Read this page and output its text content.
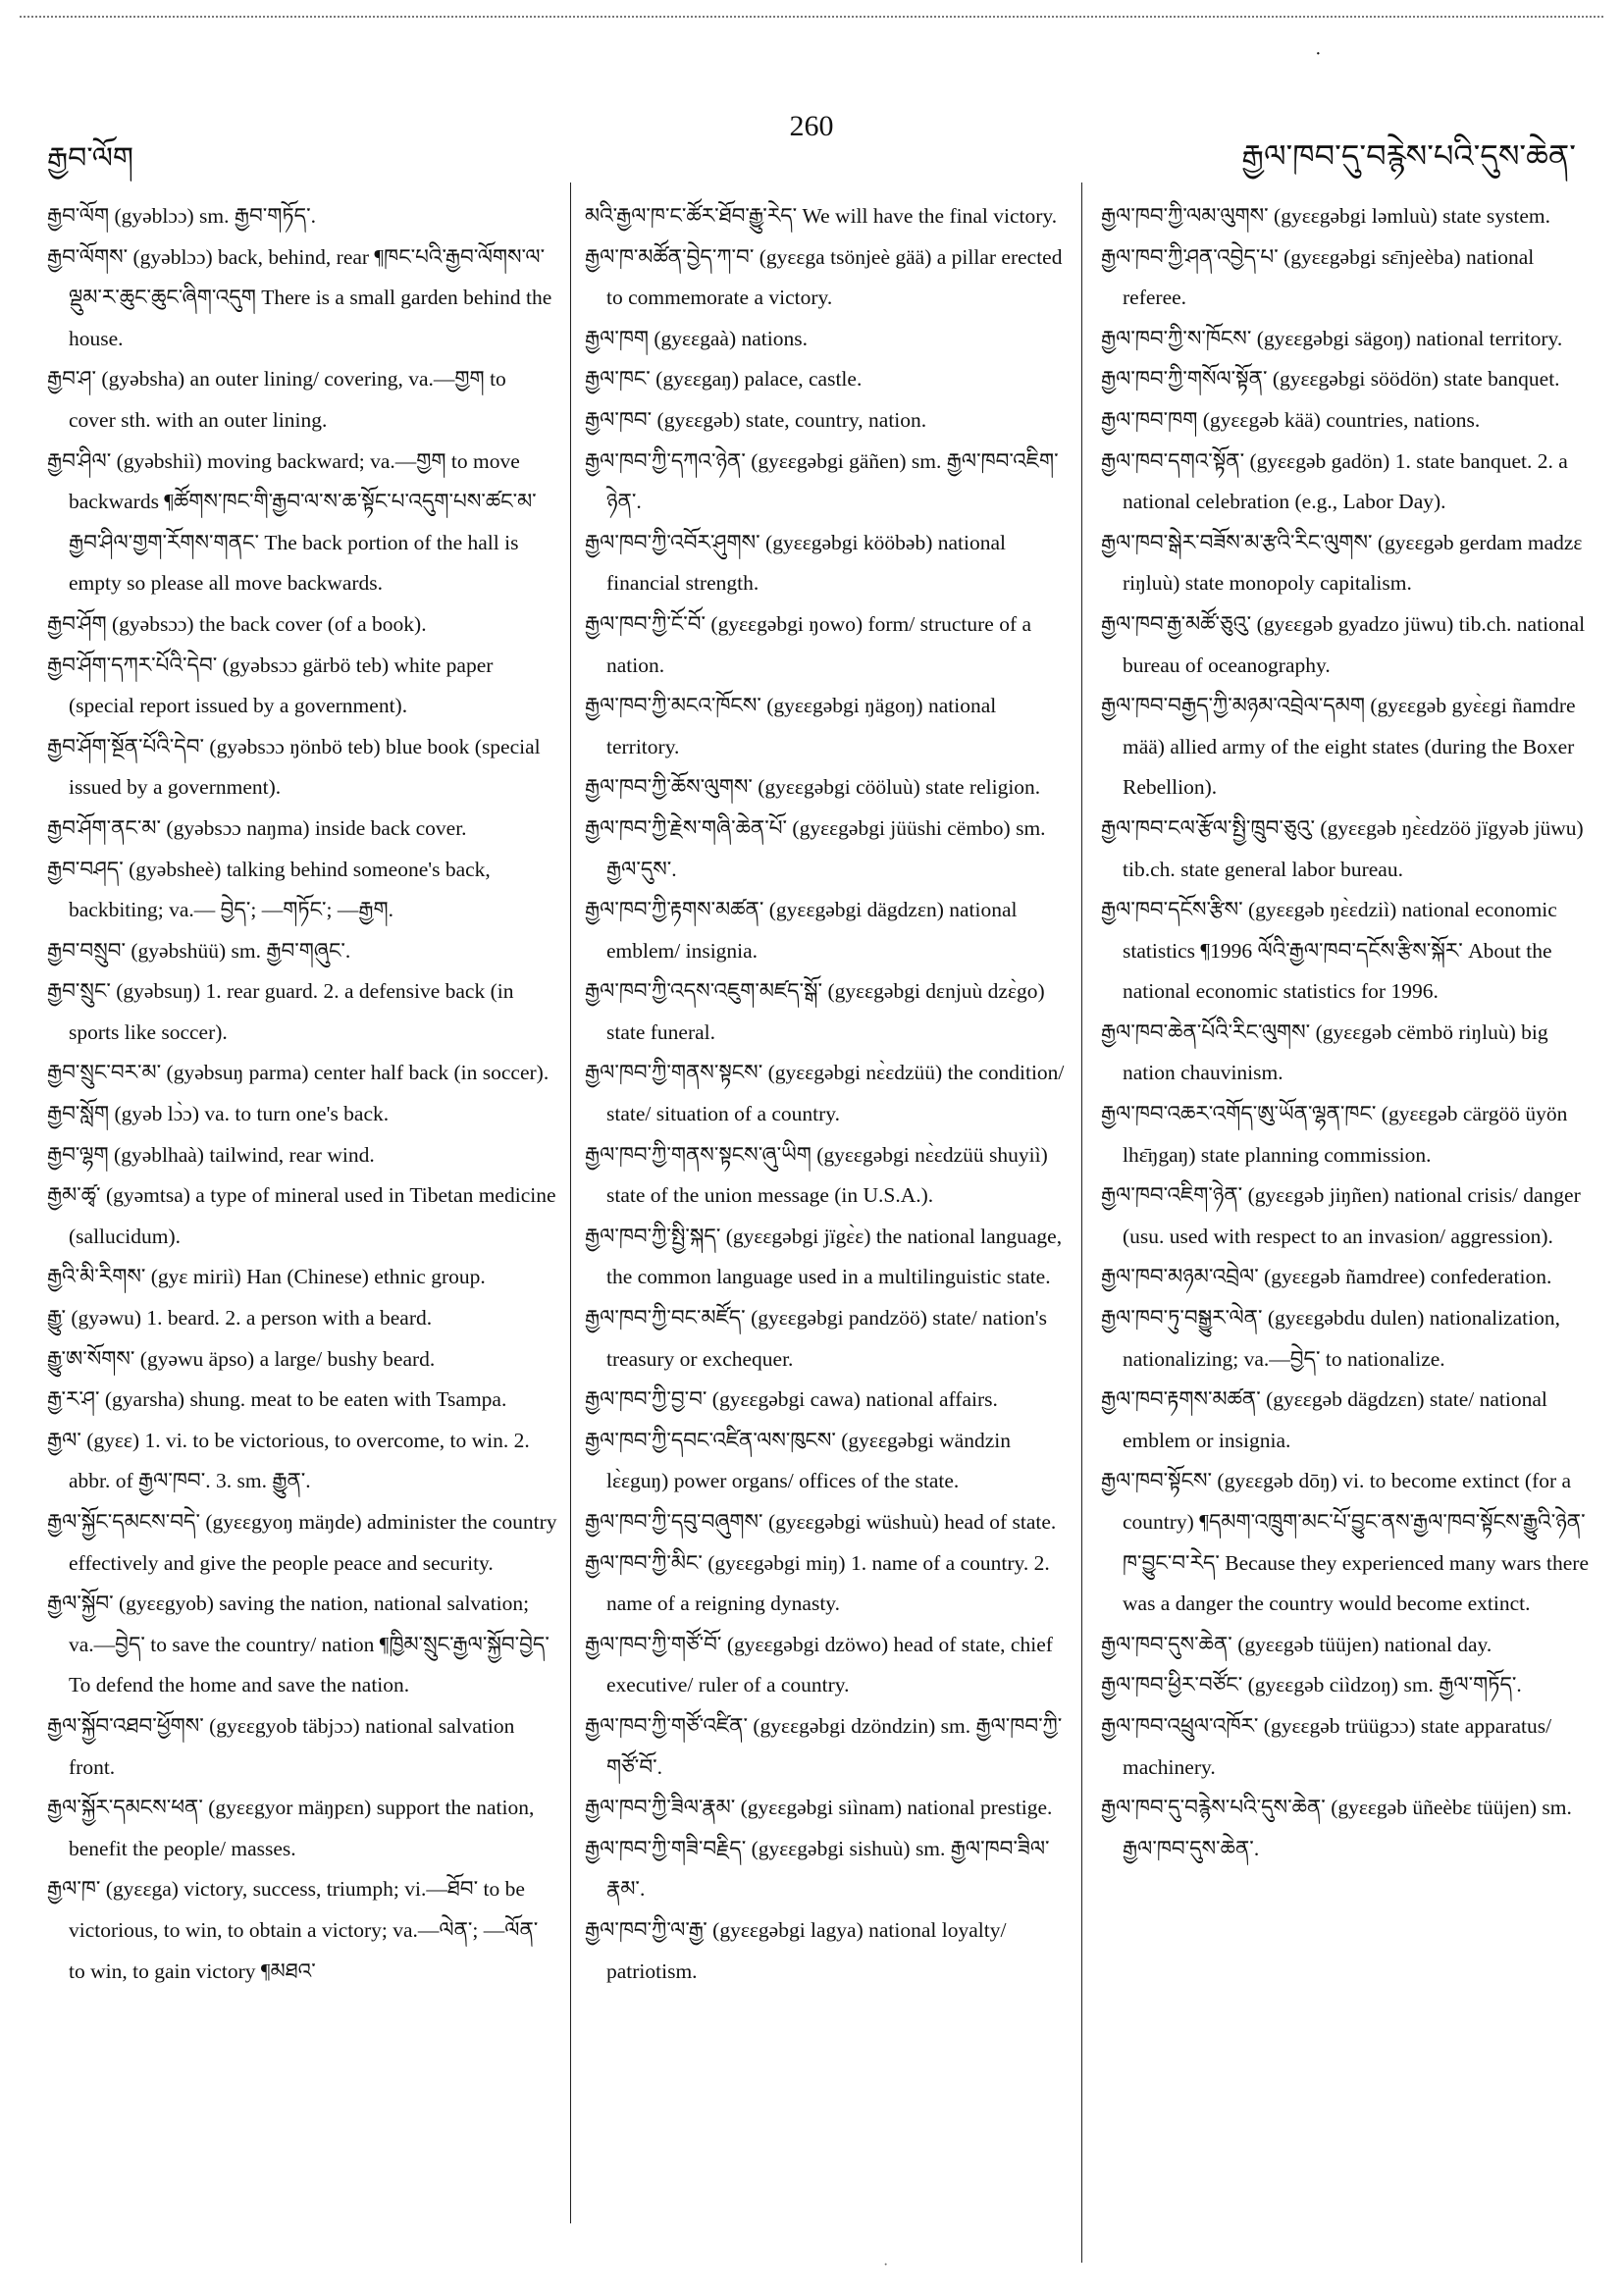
·
རྒྱབ་ལོག
260
རྒྱལ་ཁབ་དུ་བརྙེས་པའི་དུས་ཆེན་
རྒྱབ་ལོག (gyəblɔɔ) sm. རྒྱབ་གཏོད་.
རྒྱབ་ལོགས་ (gyəblɔɔ) back, behind, rear ¶ཁང་པའི་རྒྱབ་ལོགས་ལ་ལྡུམ་ར་ཆུང་ཆུང་ཞིག་འདུག There is a small garden behind the house.
རྒྱབ་ཤ་ (gyəbsha) an outer lining/ covering, va.—གྱག to cover sth. with an outer lining.
རྒྱབ་ཤིལ་ (gyəbshiì) moving backward; va.—གྱག to move backwards ¶ཚོགས་ཁང་གི་རྒྱབ་ལ་ས་ཆ་སྟོང་པ་འདུག་པས་ཚང་མ་རྒྱབ་ཤིལ་གྱག་རོགས་གནང་ The back portion of the hall is empty so please all move backwards.
རྒྱབ་ཤོག (gyəbsɔɔ) the back cover (of a book).
རྒྱབ་ཤོག་དཀར་པོའི་དེབ་ (gyəbsɔɔ gärbö teb) white paper (special report issued by a government).
རྒྱབ་ཤོག་སྔོན་པོའི་དེབ་ (gyəbsɔɔ ŋönbö teb) blue book (special issued by a government).
རྒྱབ་ཤོག་ནང་མ་ (gyəbsɔɔ naŋma) inside back cover.
རྒྱབ་བཤད་ (gyəbsheè) talking behind someone's back, backbiting; va.— བྱེད་; —གཏོང་; —རྒྱག.
རྒྱབ་བསྲུབ་ (gyəbshüü) sm. རྒྱབ་གཞུང་.
རྒྱབ་སྲུང་ (gyəbsuŋ) 1. rear guard. 2. a defensive back (in sports like soccer).
རྒྱབ་སྲུང་བར་མ་ (gyəbsuŋ parma) center half back (in soccer).
རྒྱབ་སློག (gyəb lɔ̀ɔ) va. to turn one's back.
རྒྱབ་ལྷག (gyəblhaà) tailwind, rear wind.
རྒྱམ་ཚྭ་ (gyəmtsa) a type of mineral used in Tibetan medicine (sallucidum).
རྒྱའི་མི་རིགས་ (gyɛ miriì) Han (Chinese) ethnic group.
རྒྱུ་ (gyəwu) 1. beard. 2. a person with a beard.
རྒྱུ་ཨ་སོགས་ (gyəwu äpso) a large/ bushy beard.
རྒྱ་ར་ཤ་ (gyarsha) shung. meat to be eaten with Tsampa.
རྒྱལ་ (gyɛɛ) 1. vi. to be victorious, to overcome, to win. 2. abbr. of རྒྱལ་ཁབ་. 3. sm. རྒྱུན་.
རྒྱལ་སྐྱོང་དམངས་བདེ་ (gyɛɛgyoŋ mäŋde) administer the country effectively and give the people peace and security.
རྒྱལ་སྐྱོབ་ (gyɛɛgyob) saving the nation, national salvation; va.—བྱེད་ to save the country/ nation ¶ཁྱིམ་སྲུང་རྒྱལ་སྐྱོབ་བྱེད་ To defend the home and save the nation.
རྒྱལ་སྐྱོབ་འཐབ་ཕྱོགས་ (gyɛɛgyob täbjɔɔ) national salvation front.
རྒྱལ་སྐྱོར་དམངས་ཕན་ (gyɛɛgyor mäŋpɛn) support the nation, benefit the people/ masses.
རྒྱལ་ཁ་ (gyɛɛga) victory, success, triumph; vi.—ཐོབ་ to be victorious, to win, to obtain a victory; va.—ལེན་; —ལོན་ to win, to gain victory ¶མཐའ་
མའི་རྒྱལ་ཁ་ང་ཚོར་ཐོབ་རྒྱུ་རེད་ We will have the final victory.
རྒྱལ་ཁ་མཚོན་བྱེད་ཀ་བ་ (gyɛɛga tsönjeè gää) a pillar erected to commemorate a victory.
རྒྱལ་ཁག (gyɛɛgaà) nations.
རྒྱལ་ཁང་ (gyɛɛgaŋ) palace, castle.
རྒྱལ་ཁབ་ (gyɛɛgəb) state, country, nation.
རྒྱལ་ཁབ་ཀྱི་དཀའ་ཉེན་ (gyɛɛgəbgi gäñen) sm. རྒྱལ་ཁབ་འཇིག་ཉེན་.
རྒྱལ་ཁབ་ཀྱི་འབོར་ཤུགས་ (gyɛɛgəbgi kööbəb) national financial strength.
རྒྱལ་ཁབ་ཀྱི་ངོ་བོ་ (gyɛɛgəbgi ŋowo) form/ structure of a nation.
རྒྱལ་ཁབ་ཀྱི་མངའ་ཁོངས་ (gyɛɛgəbgi ŋägoŋ) national territory.
རྒྱལ་ཁབ་ཀྱི་ཆོས་ལུགས་ (gyɛɛgəbgi cööluù) state religion.
རྒྱལ་ཁབ་ཀྱི་རྗེས་གཞི་ཆེན་པོ་ (gyɛɛgəbgi jüüshi cëmbo) sm. རྒྱལ་དུས་.
རྒྱལ་ཁབ་ཀྱི་རྟགས་མཚན་ (gyɛɛgəbgi dägdzɛn) national emblem/ insignia.
རྒྱལ་ཁབ་ཀྱི་འདས་འཇུག་མཛད་སྒོ་ (gyɛɛgəbgi dɛnjuù dzɛ̀go) state funeral.
རྒྱལ་ཁབ་ཀྱི་གནས་སྟངས་ (gyɛɛgəbgi nɛ̀ɛdzüü) the condition/ state/ situation of a country.
རྒྱལ་ཁབ་ཀྱི་གནས་སྟངས་ཞུ་ཡིག (gyɛɛgəbgi nɛ̀ɛdzüü shuyiì) state of the union message (in U.S.A.).
རྒྱལ་ཁབ་ཀྱི་སྤྱི་སྐད་ (gyɛɛgəbgi jïgɛ̀ɛ) the national language, the common language used in a multilinguistic state.
རྒྱལ་ཁབ་ཀྱི་བང་མཛོད་ (gyɛɛgəbgi pandzöö) state/ nation's treasury or exchequer.
རྒྱལ་ཁབ་ཀྱི་བྱ་བ་ (gyɛɛgəbgi cawa) national affairs.
རྒྱལ་ཁབ་ཀྱི་དབང་འཛིན་ལས་ཁུངས་ (gyɛɛgəbgi wändzin lɛ̀ɛguŋ) power organs/ offices of the state.
རྒྱལ་ཁབ་ཀྱི་དབུ་བཞུགས་ (gyɛɛgəbgi wüshuù) head of state.
རྒྱལ་ཁབ་ཀྱི་མིང་ (gyɛɛgəbgi miŋ) 1. name of a country. 2. name of a reigning dynasty.
རྒྱལ་ཁབ་ཀྱི་གཙོ་བོ་ (gyɛɛgəbgi dzöwo) head of state, chief executive/ ruler of a country.
རྒྱལ་ཁབ་ཀྱི་གཙོ་འཛིན་ (gyɛɛgəbgi dzöndzin) sm. རྒྱལ་ཁབ་ཀྱི་གཙོ་བོ་.
རྒྱལ་ཁབ་ཀྱི་ཟིལ་རྣམ་ (gyɛɛgəbgi siìnam) national prestige.
རྒྱལ་ཁབ་ཀྱི་གཟི་བརྗིད་ (gyɛɛgəbgi sishuù) sm. རྒྱལ་ཁབ་ཟིལ་རྣམ་.
རྒྱལ་ཁབ་ཀྱི་ལ་རྒྱ་ (gyɛɛgəbgi lagya) national loyalty/ patriotism.
རྒྱལ་ཁབ་ཀྱི་ལམ་ལུགས་ (gyɛɛgəbgi ləmluù) state system.
རྒྱལ་ཁབ་ཀྱི་ཤན་འབྱེད་པ་ (gyɛɛgəbgi sɛ̄njeèba) national referee.
རྒྱལ་ཁབ་ཀྱི་ས་ཁོངས་ (gyɛɛgəbgi sägoŋ) national territory.
རྒྱལ་ཁབ་ཀྱི་གསོལ་སྟོན་ (gyɛɛgəbgi söödön) state banquet.
རྒྱལ་ཁབ་ཁག (gyɛɛgəb kää) countries, nations.
རྒྱལ་ཁབ་དགའ་སྟོན་ (gyɛɛgəb gadön) 1. state banquet. 2. a national celebration (e.g., Labor Day).
རྒྱལ་ཁབ་སྒེར་བཟོས་མ་རྩའི་རིང་ལུགས་ (gyɛɛgəb gerdam madzɛ riŋluù) state monopoly capitalism.
རྒྱལ་ཁབ་རྒྱ་མཚོ་ཅུའུ་ (gyɛɛgəb gyadzo jüwu) tib.ch. national bureau of oceanography.
རྒྱལ་ཁབ་བརྒྱད་ཀྱི་མཉམ་འབྲེལ་དམག (gyɛɛgəb gyɛ̀ɛgi ñamdre mää) allied army of the eight states (during the Boxer Rebellion).
རྒྱལ་ཁབ་ངལ་རྩོལ་སྤྱི་ཁྲུབ་ཅུའུ་ (gyɛɛgəb ŋɛ̀ɛdzöö jïgyəb jüwu) tib.ch. state general labor bureau.
རྒྱལ་ཁབ་དངོས་རྩིས་ (gyɛɛgəb ŋɛ̀ɛdziì) national economic statistics ¶1996 ལོའི་རྒྱལ་ཁབ་དངོས་རྩིས་སྐོར་ About the national economic statistics for 1996.
རྒྱལ་ཁབ་ཆེན་པོའི་རིང་ལུགས་ (gyɛɛgəb cëmbö riŋluù) big nation chauvinism.
རྒྱལ་ཁབ་འཆར་འགོད་ཨུ་ཡོན་ལྷན་ཁང་ (gyɛɛgəb cärgöö üyön lhɛ̄ŋgaŋ) state planning commission.
རྒྱལ་ཁབ་འཇིག་ཉེན་ (gyɛɛgəb jiŋñen) national crisis/ danger (usu. used with respect to an invasion/ aggression).
རྒྱལ་ཁབ་མཉམ་འབྲེལ་ (gyɛɛgəb ñamdree) confederation.
རྒྱལ་ཁབ་ཏུ་བསྒྱུར་ལེན་ (gyɛɛgəbdu dulen) nationalization, nationalizing; va.—བྱེད་ to nationalize.
རྒྱལ་ཁབ་རྟགས་མཚན་ (gyɛɛgəb dägdzɛn) state/ national emblem or insignia.
རྒྱལ་ཁབ་སྟོངས་ (gyɛɛgəb dōŋ) vi. to become extinct (for a country) ¶དམག་འཁྲུག་མང་པོ་བྱུང་ནས་རྒྱལ་ཁབ་སྟོངས་རྒྱུའི་ཉེན་ཁ་བྱུང་བ་རེད་ Because they experienced many wars there was a danger the country would become extinct.
རྒྱལ་ཁབ་དུས་ཆེན་ (gyɛɛgəb tüüjen) national day.
རྒྱལ་ཁབ་ཕྱིར་བཙོང་ (gyɛɛgəb ciìdzoŋ) sm. རྒྱལ་གཏོད་.
རྒྱལ་ཁབ་འཕྲུལ་འཁོར་ (gyɛɛgəb trüügɔɔ) state apparatus/ machinery.
རྒྱལ་ཁབ་དུ་བརྙེས་པའི་དུས་ཆེན་ (gyɛɛgəb üñeèbɛ tüüjen) sm. རྒྱལ་ཁབ་དུས་ཆེན་.
·
